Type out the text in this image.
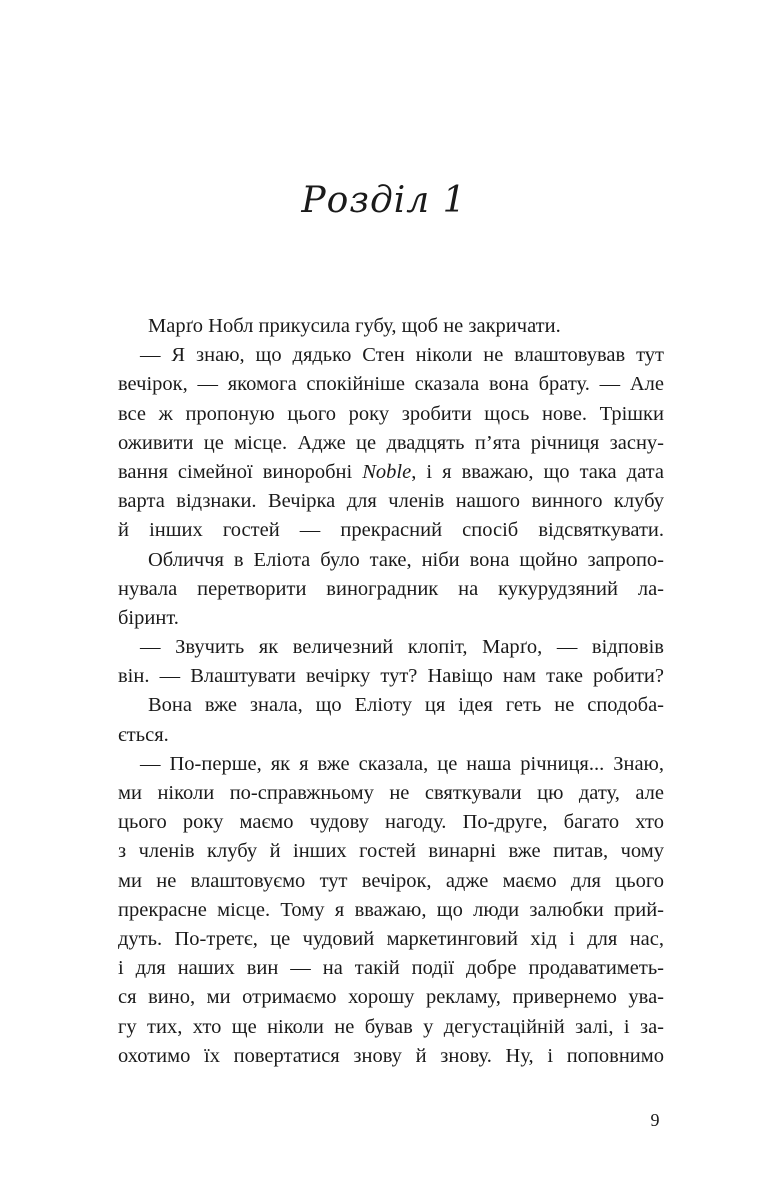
Розділ 1
Марґо Нобл прикусила губу, щоб не закричати.
— Я знаю, що дядько Стен ніколи не влаштовував тут
вечірок, — якомога спокійніше сказала вона брату. — Але
все ж пропоную цього року зробити щось нове. Трішки
оживити це місце. Адже це двадцять п’ята річниця засну-
вання сімейної виноробні Noble, і я вважаю, що така дата
варта відзнаки. Вечірка для членів нашого винного клубу
й інших гостей — прекрасний спосіб відсвяткувати.
Обличчя в Еліота було таке, ніби вона щойно запропо-
нувала перетворити виноградник на кукурудзяний ла-
біринт.
— Звучить як величезний клопіт, Марґо, — відповів
він. — Влаштувати вечірку тут? Навіщо нам таке робити?
Вона вже знала, що Еліоту ця ідея геть не сподоба-
ється.
— По-перше, як я вже сказала, це наша річниця... Знаю,
ми ніколи по-справжньому не святкували цю дату, але
цього року маємо чудову нагоду. По-друге, багато хто
з членів клубу й інших гостей винарні вже питав, чому
ми не влаштовуємо тут вечірок, адже маємо для цього
прекрасне місце. Тому я вважаю, що люди залюбки прий-
дуть. По-третє, це чудовий маркетинговий хід і для нас,
і для наших вин — на такій події добре продаватиметь-
ся вино, ми отримаємо хорошу рекламу, привернемо ува-
гу тих, хто ще ніколи не бував у дегустаційній залі, і за-
охотимо їх повертатися знову й знову. Ну, і поповнимо
9
